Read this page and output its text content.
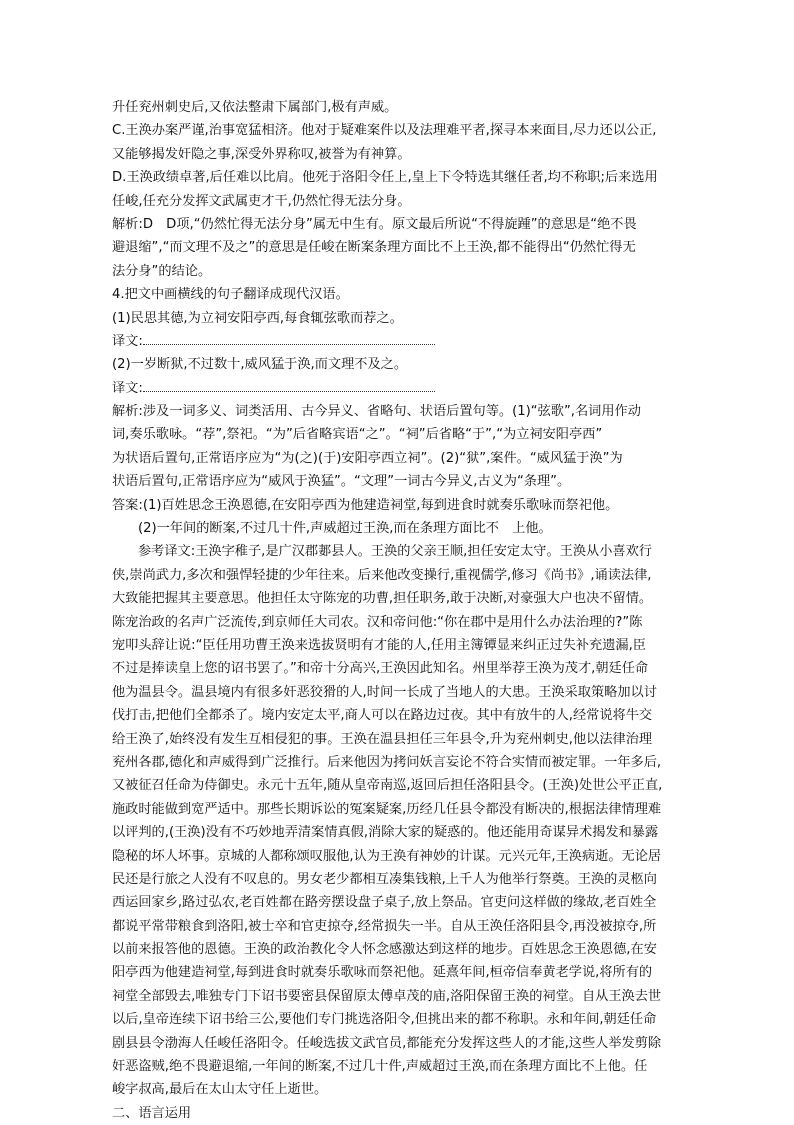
升任兖州刺史后,又依法整肃下属部门,极有声威。
C.王涣办案严谨,治事宽猛相济。他对于疑难案件以及法理难平者,探寻本来面目,尽力还以公正,
又能够揭发奸隐之事,深受外界称叹,被誉为有神算。
D.王涣政绩卓著,后任难以比肩。他死于洛阳令任上,皇上下令特选其继任者,均不称职;后来选用
任峻,任充分发挥文武属吏才干,仍然忙得无法分身。
解析:D　D项,“仍然忙得无法分身”属无中生有。原文最后所说“不得旋踵”的意思是“绝不畏
避退缩”,“而文理不及之”的意思是任峻在断案条理方面比不上王涣,都不能得出“仍然忙得无
法分身”的结论。
4.把文中画横线的句子翻译成现代汉语。
(1)民思其德,为立祠安阳亭西,每食辄弦歌而荐之。
译文:
(2)一岁断狱,不过数十,威风猛于涣,而文理不及之。
译文:
解析:涉及一词多义、词类活用、古今异义、省略句、状语后置句等。(1)“弦歌”,名词用作动
词,奏乐歌咏。“荐”,祭祀。“为”后省略宾语“之”。“祠”后省略“于”,“为立祠安阳亭西”
为状语后置句,正常语序应为“为(之)(于)安阳亭西立祠”。(2)“狱”,案件。“威风猛于涣”为
状语后置句,正常语序应为“威风于涣猛”。“文理”一词古今异义,古义为“条理”。
答案:(1)百姓思念王涣恩德,在安阳亭西为他建造祠堂,每到进食时就奏乐歌咏而祭祀他。
(2)一年间的断案,不过几十件,声威超过王涣,而在条理方面比不　上他。
参考译文:王涣字稚子,是广汉郡郪县人。王涣的父亲王顺,担任安定太守。王涣从小喜欢行
侠,崇尚武力,多次和强悍轻捷的少年往来。后来他改变操行,重视儒学,修习《尚书》,诵读法律,
大致能把握其主要意思。他担任太守陈宠的功曹,担任职务,敢于决断,对豪强大户也决不留情。
陈宠治政的名声广泛流传,到京师任大司农。汉和帝问他:“你在郡中是用什么办法治理的?”陈
宠叩头辞让说:“臣任用功曹王涣来选拔贤明有才能的人,任用主簿镡显来纠正过失补充遗漏,臣
不过是捧读皇上您的诏书罢了。”和帝十分高兴,王涣因此知名。州里举荐王涣为茂才,朝廷任命
他为温县令。温县境内有很多奸恶狡猾的人,时间一长成了当地人的大患。王涣采取策略加以讨
伐打击,把他们全都杀了。境内安定太平,商人可以在路边过夜。其中有放牛的人,经常说将牛交
给王涣了,始终没有发生互相侵犯的事。王涣在温县担任三年县令,升为兖州刺史,他以法律治理
兖州各郡,德化和声威得到广泛推行。后来他因为拷问妖言妄论不符合实情而被定罪。一年多后,
又被征召任命为侍御史。永元十五年,随从皇帝南巡,返回后担任洛阳县令。(王涣)处世公平正直,
施政时能做到宽严适中。那些长期诉讼的冤案疑案,历经几任县令都没有断决的,根据法律情理难
以评判的,(王涣)没有不巧妙地弄清案情真假,消除大家的疑惑的。他还能用奇谋异术揭发和暴露
隐秘的坏人坏事。京城的人都称颂叹服他,认为王涣有神妙的计谋。元兴元年,王涣病逝。无论居
民还是行旅之人没有不叹息的。男女老少都相互凑集钱粮,上千人为他举行祭奠。王涣的灵柩向
西运回家乡,路过弘农,老百姓都在路旁摆设盘子桌子,放上祭品。官吏问这样做的缘故,老百姓全
都说平常带粮食到洛阳,被士卒和官吏掠夺,经常损失一半。自从王涣任洛阳县令,再没被掠夺,所
以前来报答他的恩德。王涣的政治教化令人怀念感激达到这样的地步。百姓思念王涣恩德,在安
阳亭西为他建造祠堂,每到进食时就奏乐歌咏而祭祀他。延熹年间,桓帝信奉黄老学说,将所有的
祠堂全部毁去,唯独专门下诏书要密县保留原太傅卓茂的庙,洛阳保留王涣的祠堂。自从王涣去世
以后,皇帝连续下诏书给三公,要他们专门挑选洛阳令,但挑出来的都不称职。永和年间,朝廷任命
剧县县令渤海人任峻任洛阳令。任峻选拔文武官员,都能充分发挥这些人的才能,这些人举发剪除
奸恶盗贼,绝不畏避退缩,一年间的断案,不过几十件,声威超过王涣,而在条理方面比不上他。任
峻字叔高,最后在太山太守任上逝世。
二、语言运用
